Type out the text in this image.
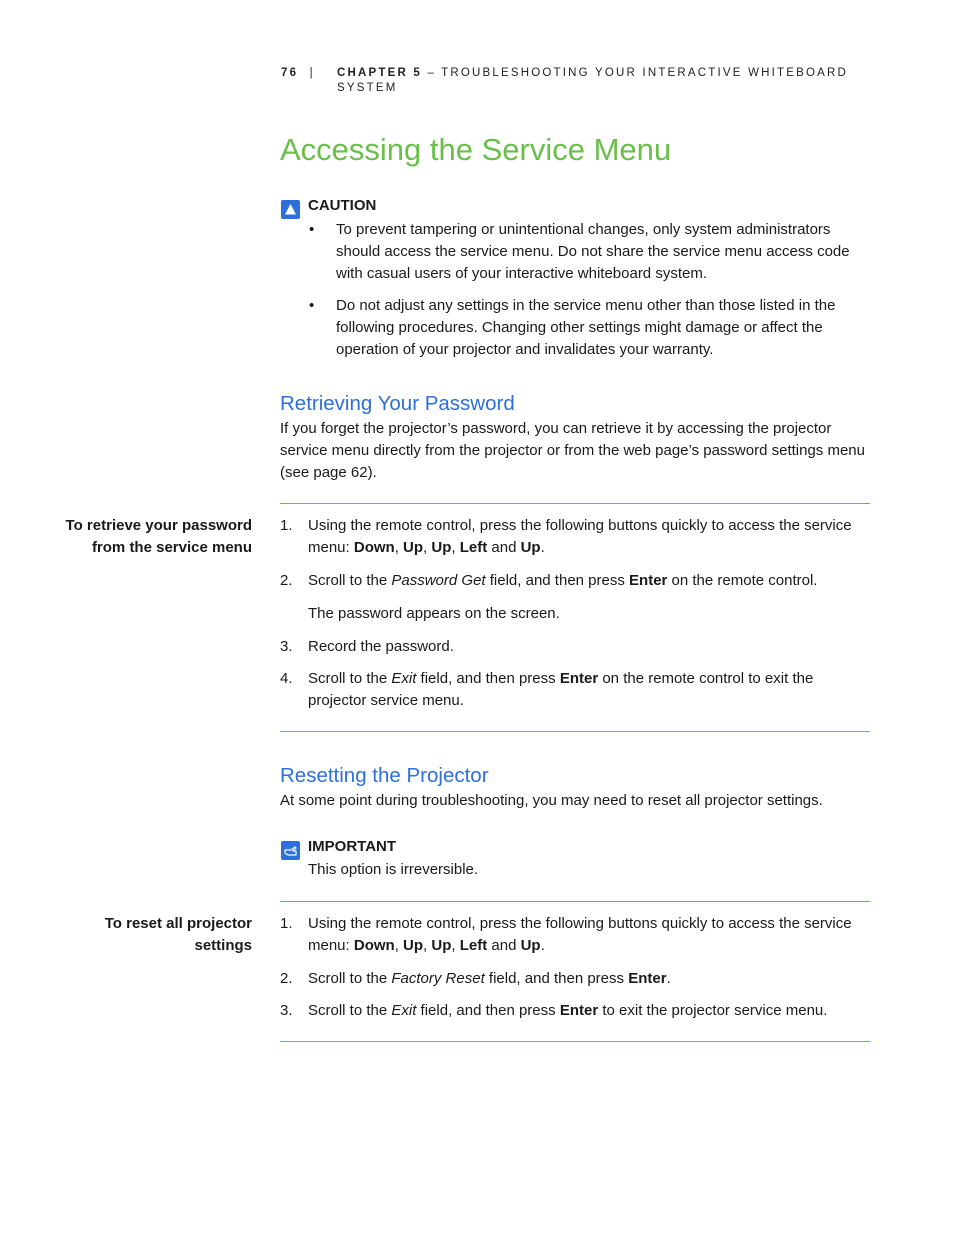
76 | CHAPTER 5 – TROUBLESHOOTING YOUR INTERACTIVE WHITEBOARD
SYSTEM
Accessing the Service Menu
CAUTION
• To prevent tampering or unintentional changes, only system administrators should access the service menu. Do not share the service menu access code with casual users of your interactive whiteboard system.
• Do not adjust any settings in the service menu other than those listed in the following procedures. Changing other settings might damage or affect the operation of your projector and invalidates your warranty.
Retrieving Your Password
If you forget the projector’s password, you can retrieve it by accessing the projector service menu directly from the projector or from the web page’s password settings menu (see page 62).
To retrieve your password
from the service menu
1. Using the remote control, press the following buttons quickly to access the service menu: Down, Up, Up, Left and Up.
2. Scroll to the Password Get field, and then press Enter on the remote control.
The password appears on the screen.
3. Record the password.
4. Scroll to the Exit field, and then press Enter on the remote control to exit the projector service menu.
Resetting the Projector
At some point during troubleshooting, you may need to reset all projector settings.
IMPORTANT
This option is irreversible.
To reset all projector
settings
1. Using the remote control, press the following buttons quickly to access the service menu: Down, Up, Up, Left and Up.
2. Scroll to the Factory Reset field, and then press Enter.
3. Scroll to the Exit field, and then press Enter to exit the projector service menu.
